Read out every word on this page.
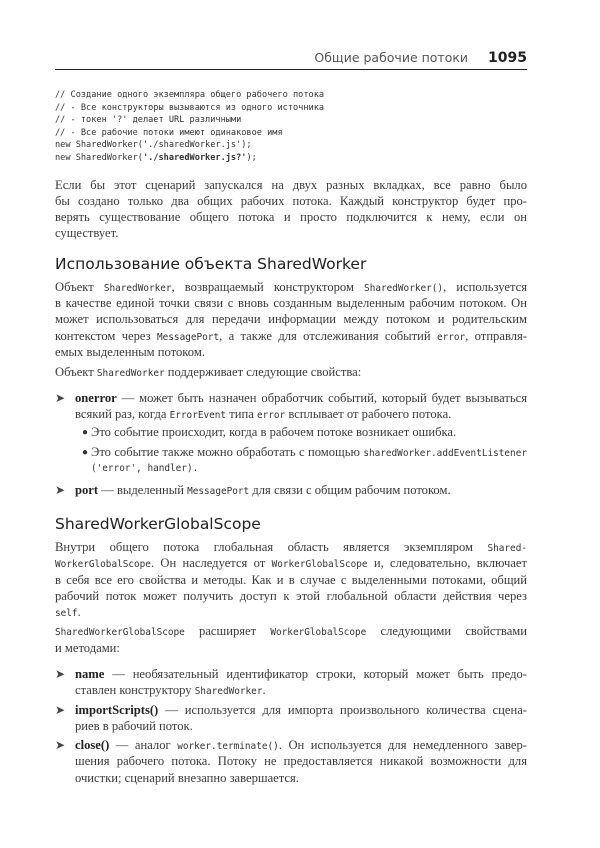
Общие рабочие потоки 1095
// Создание одного экземпляра общего рабочего потока
// - Все конструкторы вызываются из одного источника
// - токен '?' делает URL различными
// - Все рабочие потоки имеют одинаковое имя
new SharedWorker('./sharedWorker.js');
new SharedWorker('./sharedWorker.js?');
Если бы этот сценарий запускался на двух разных вкладках, все равно было
бы создано только два общих рабочих потока. Каждый конструктор будет про-
верять существование общего потока и просто подключится к нему, если он
существует.
Использование объекта SharedWorker
Объект SharedWorker, возвращаемый конструктором SharedWorker(), используется
в качестве единой точки связи с вновь созданным выделенным рабочим потоком. Он
может использоваться для передачи информации между потоком и родительским
контекстом через MessagePort, а также для отслеживания событий error, отправля-
емых выделенным потоком.
Объект SharedWorker поддерживает следующие свойства:
➤ onerror — может быть назначен обработчик событий, который будет вызываться
всякий раз, когда ErrorEvent типа error всплывает от рабочего потока.
● Это событие происходит, когда в рабочем потоке возникает ошибка.
● Это событие также можно обработать с помощью sharedWorker.addEventListener
('error', handler).
➤ port — выделенный MessagePort для связи с общим рабочим потоком.
SharedWorkerGlobalScope
Внутри общего потока глобальная область является экземпляром Shared-
WorkerGlobalScope. Он наследуется от WorkerGlobalScope и, следовательно, включает
в себя все его свойства и методы. Как и в случае с выделенными потоками, общий
рабочий поток может получить доступ к этой глобальной области действия через
self.
SharedWorkerGlobalScope расширяет WorkerGlobalScope следующими свойствами
и методами:
➤ name — необязательный идентификатор строки, который может быть предо-
ставлен конструктору SharedWorker.
➤ importScripts() — используется для импорта произвольного количества сцена-
риев в рабочий поток.
➤ close() — аналог worker.terminate(). Он используется для немедленного завер-
шения рабочего потока. Потоку не предоставляется никакой возможности для
очистки; сценарий внезапно завершается.
